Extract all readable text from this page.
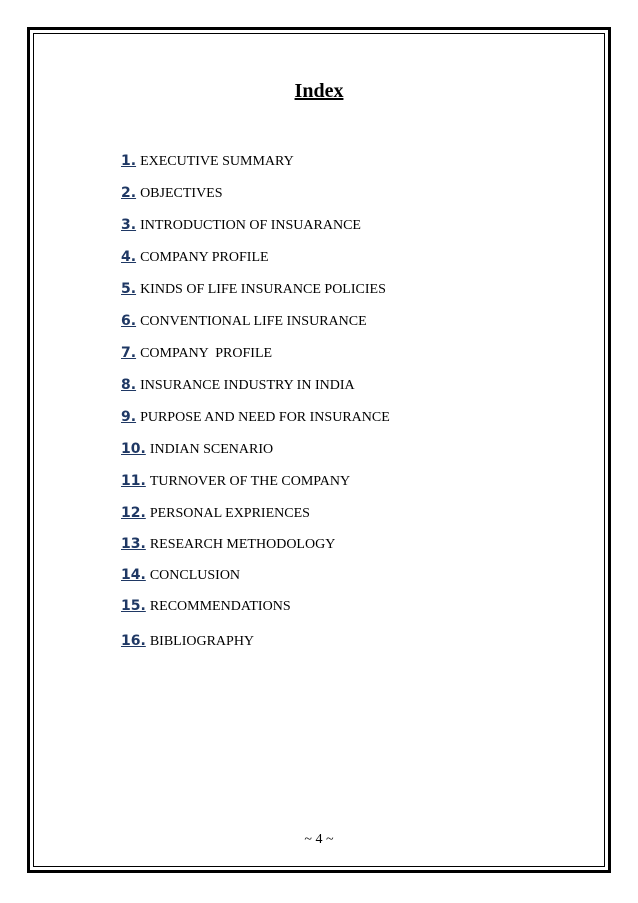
Index
1. EXECUTIVE SUMMARY
2. OBJECTIVES
3. INTRODUCTION OF INSUARANCE
4. COMPANY PROFILE
5. KINDS OF LIFE INSURANCE POLICIES
6. CONVENTIONAL LIFE INSURANCE
7. COMPANY  PROFILE
8. INSURANCE INDUSTRY IN INDIA
9. PURPOSE AND NEED FOR INSURANCE
10. INDIAN SCENARIO
11. TURNOVER OF THE COMPANY
12. PERSONAL EXPRIENCES
13. RESEARCH METHODOLOGY
14. CONCLUSION
15. RECOMMENDATIONS
16. BIBLIOGRAPHY
~ 4 ~
